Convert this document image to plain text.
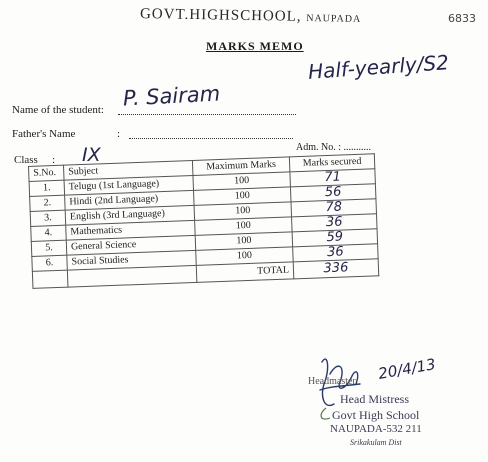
GOVT.HIGHSCHOOL, NAUPADA	6833
MARKS MEMO
Half-yearly/S2
Name of the student: P. Sairam
Father's Name	:
Adm. No. : ...........
Class : IX
S.No.	Subject	Maximum Marks	Marks secured
1.	Telugu (1st Language)	100	71
2.	Hindi (2nd Language)	100	56
3.	English (3rd Language)	100	78
4.	Mathematics	100	36
5.	General Science	100	59
6.	Social Studies	100	36
		TOTAL	336
20/4/13
Headmaster
Head Mistress
Govt High School
NAUPADA-532 211
Srikakulam Dist
